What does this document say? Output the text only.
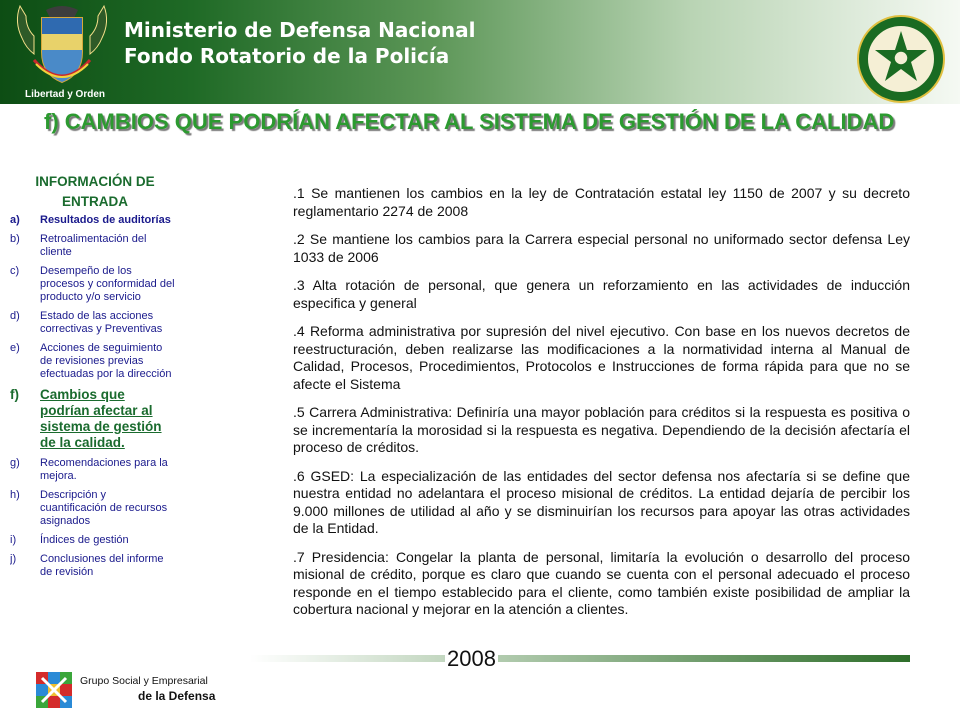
Libertad y Orden
Ministerio de Defensa Nacional
Fondo Rotatorio de la Policía
f) CAMBIOS QUE PODRÍAN AFECTAR AL SISTEMA DE GESTIÓN DE LA CALIDAD
INFORMACIÓN DE ENTRADA
a)	Resultados de auditorías
b)	Retroalimentación del cliente
c)	Desempeño de los procesos y conformidad del producto y/o servicio
d)	Estado de las acciones correctivas y Preventivas
e)	Acciones de seguimiento de revisiones previas efectuadas por la dirección
f)	Cambios que podrían afectar al sistema de gestión de la calidad.
g)	Recomendaciones para la mejora.
h)	Descripción y cuantificación de recursos asignados
i)	Índices de gestión
j)	Conclusiones del informe de revisión

.1 Se mantienen los cambios en la ley de Contratación estatal ley 1150 de 2007 y su decreto reglamentario 2274 de 2008

.2 Se mantiene los cambios para la Carrera especial personal no uniformado sector defensa Ley 1033 de 2006

.3 Alta rotación de personal, que genera un reforzamiento en las actividades de inducción especifica y general

.4 Reforma administrativa por supresión del nivel ejecutivo. Con base en los nuevos decretos de reestructuración, deben realizarse las modificaciones a la normatividad interna al Manual de Calidad, Procesos, Procedimientos, Protocolos e Instrucciones de forma rápida para que no se afecte el Sistema

.5 Carrera Administrativa: Definiría una mayor población para créditos si la respuesta es positiva o se incrementaría la morosidad si la respuesta es negativa. Dependiendo de la decisión afectaría el proceso de créditos.

.6 GSED: La especialización de las entidades del sector defensa nos afectaría si se define que nuestra entidad no adelantara el proceso misional de créditos. La entidad dejaría de percibir los 9.000 millones de utilidad al año y se disminuirían los recursos para apoyar las otras actividades de la Entidad.

.7 Presidencia: Congelar la planta de personal, limitaría la evolución o desarrollo del proceso misional de crédito, porque es claro que cuando se cuenta con el personal adecuado el proceso responde en el tiempo establecido para el cliente, como también existe posibilidad de ampliar la cobertura nacional y mejorar en la atención a clientes.

2008
Grupo Social y Empresarial
de la Defensa
